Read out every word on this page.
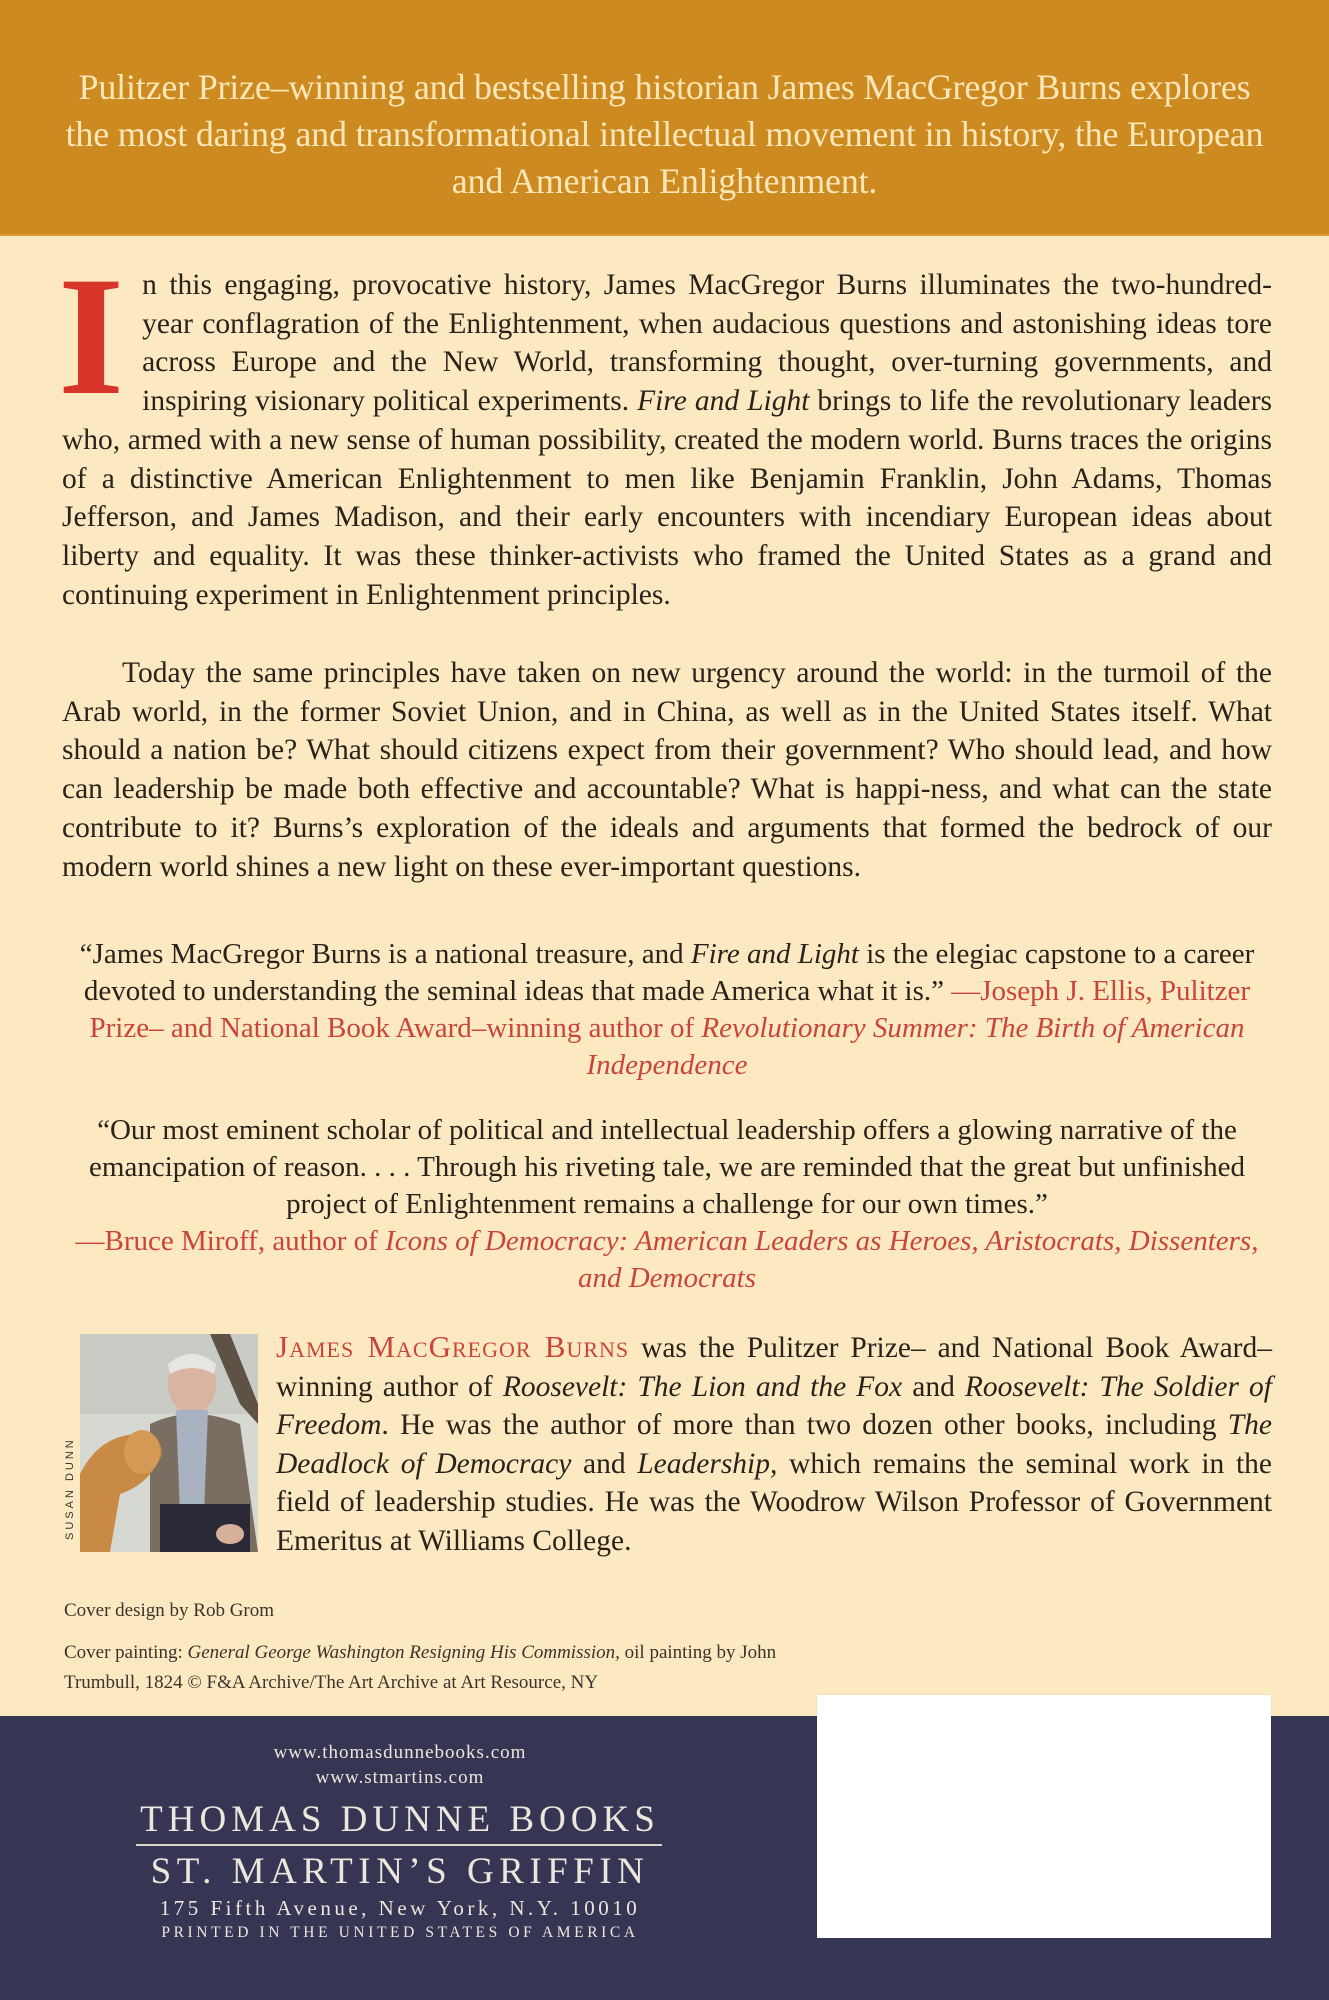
Pulitzer Prize–winning and bestselling historian James MacGregor Burns explores the most daring and transformational intellectual movement in history, the European and American Enlightenment.

In this engaging, provocative history, James MacGregor Burns illuminates the two-hundred-year conflagration of the Enlightenment, when audacious questions and astonishing ideas tore across Europe and the New World, transforming thought, over-turning governments, and inspiring visionary political experiments. Fire and Light brings to life the revolutionary leaders who, armed with a new sense of human possibility, created the modern world. Burns traces the origins of a distinctive American Enlightenment to men like Benjamin Franklin, John Adams, Thomas Jefferson, and James Madison, and their early encounters with incendiary European ideas about liberty and equality. It was these thinker-activists who framed the United States as a grand and continuing experiment in Enlightenment principles.
Today the same principles have taken on new urgency around the world: in the turmoil of the Arab world, in the former Soviet Union, and in China, as well as in the United States itself. What should a nation be? What should citizens expect from their government? Who should lead, and how can leadership be made both effective and accountable? What is happi-ness, and what can the state contribute to it? Burns’s exploration of the ideals and arguments that formed the bedrock of our modern world shines a new light on these ever-important questions.
“James MacGregor Burns is a national treasure, and Fire and Light is the elegiac capstone to a career devoted to understanding the seminal ideas that made America what it is.” —Joseph J. Ellis, Pulitzer Prize– and National Book Award–winning author of Revolutionary Summer: The Birth of American Independence
“Our most eminent scholar of political and intellectual leadership offers a glowing narrative of the emancipation of reason. . . . Through his riveting tale, we are reminded that the great but unfinished project of Enlightenment remains a challenge for our own times.”
—Bruce Miroff, author of Icons of Democracy: American Leaders as Heroes, Aristocrats, Dissenters, and Democrats
SUSAN DUNN
James MacGregor Burns was the Pulitzer Prize– and National Book Award–winning author of Roosevelt: The Lion and the Fox and Roosevelt: The Soldier of Freedom. He was the author of more than two dozen other books, including The Deadlock of Democracy and Leadership, which remains the seminal work in the field of leadership studies. He was the Woodrow Wilson Professor of Government Emeritus at Williams College.
Cover design by Rob Grom
Cover painting: General George Washington Resigning His Commission, oil painting by John Trumbull, 1824 © F&A Archive/The Art Archive at Art Resource, NY
www.thomasdunnebooks.com
www.stmartins.com
THOMAS DUNNE BOOKS
ST. MARTIN’S GRIFFIN
175 Fifth Avenue, New York, N.Y. 10010
PRINTED IN THE UNITED STATES OF AMERICA
